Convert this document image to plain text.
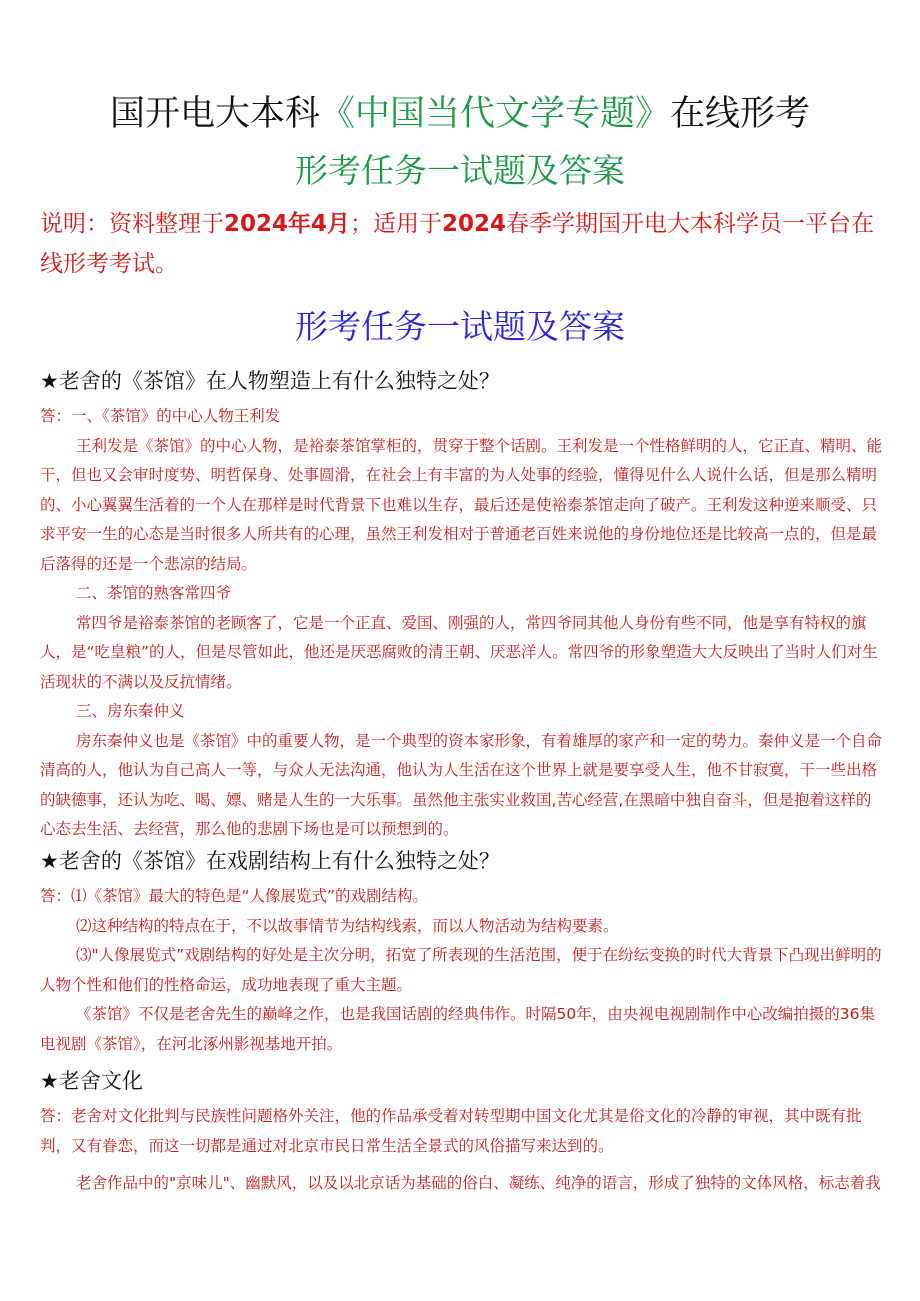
国开电大本科《中国当代文学专题》在线形考
形考任务一试题及答案
说明：资料整理于2024年4月；适用于2024春季学期国开电大本科学员一平台在线形考考试。
形考任务一试题及答案
★老舍的《茶馆》在人物塑造上有什么独特之处？

答：一、《茶馆》的中心人物王利发

王利发是《茶馆》的中心人物，是裕泰茶馆掌柜的，贯穿于整个话剧。王利发是一个性格鲜明的人，它正直、精明、能干，但也又会审时度势、明哲保身、处事圆滑，在社会上有丰富的为人处事的经验，懂得见什么人说什么话，但是那么精明的、小心翼翼生活着的一个人在那样是时代背景下也难以生存，最后还是使裕泰茶馆走向了破产。王利发这种逆来顺受、只求平安一生的心态是当时很多人所共有的心理，虽然王利发相对于普通老百姓来说他的身份地位还是比较高一点的，但是最后落得的还是一个悲凉的结局。

二、茶馆的熟客常四爷

常四爷是裕泰茶馆的老顾客了，它是一个正直、爱国、刚强的人，常四爷同其他人身份有些不同，他是享有特权的旗人，是“吃皇粮”的人，但是尽管如此，他还是厌恶腐败的清王朝、厌恶洋人。常四爷的形象塑造大大反映出了当时人们对生活现状的不满以及反抗情绪。

三、房东秦仲义

房东秦仲义也是《茶馆》中的重要人物，是一个典型的资本家形象，有着雄厚的家产和一定的势力。秦仲义是一个自命清高的人，他认为自己高人一等，与众人无法沟通，他认为人生活在这个世界上就是要享受人生，他不甘寂寞，干一些出格的缺德事，还认为吃、喝、嫖、赌是人生的一大乐事。虽然他主张实业救国,苦心经营,在黑暗中独自奋斗，但是抱着这样的心态去生活、去经营，那么他的悲剧下场也是可以预想到的。

★老舍的《茶馆》在戏剧结构上有什么独特之处？

答：⑴《茶馆》最大的特色是“人像展览式”的戏剧结构。

⑵这种结构的特点在于，不以故事情节为结构线索，而以人物活动为结构要素。

⑶"人像展览式”戏剧结构的好处是主次分明，拓宽了所表现的生活范围，便于在纷纭变换的时代大背景下凸现出鲜明的人物个性和他们的性格命运，成功地表现了重大主题。

《茶馆》不仅是老舍先生的巅峰之作，也是我国话剧的经典伟作。时隔50年，由央视电视剧制作中心改编拍摄的36集电视剧《茶馆》，在河北涿州影视基地开拍。

★老舍文化

答：老舍对文化批判与民族性问题格外关注，他的作品承受着对转型期中国文化尤其是俗文化的冷静的审视，其中既有批判，又有眷恋，而这一切都是通过对北京市民日常生活全景式的风俗描写来达到的。

老舍作品中的"京味儿"、幽默风，以及以北京话为基础的俗白、凝练、纯净的语言，形成了独特的文体风格，标志着我
